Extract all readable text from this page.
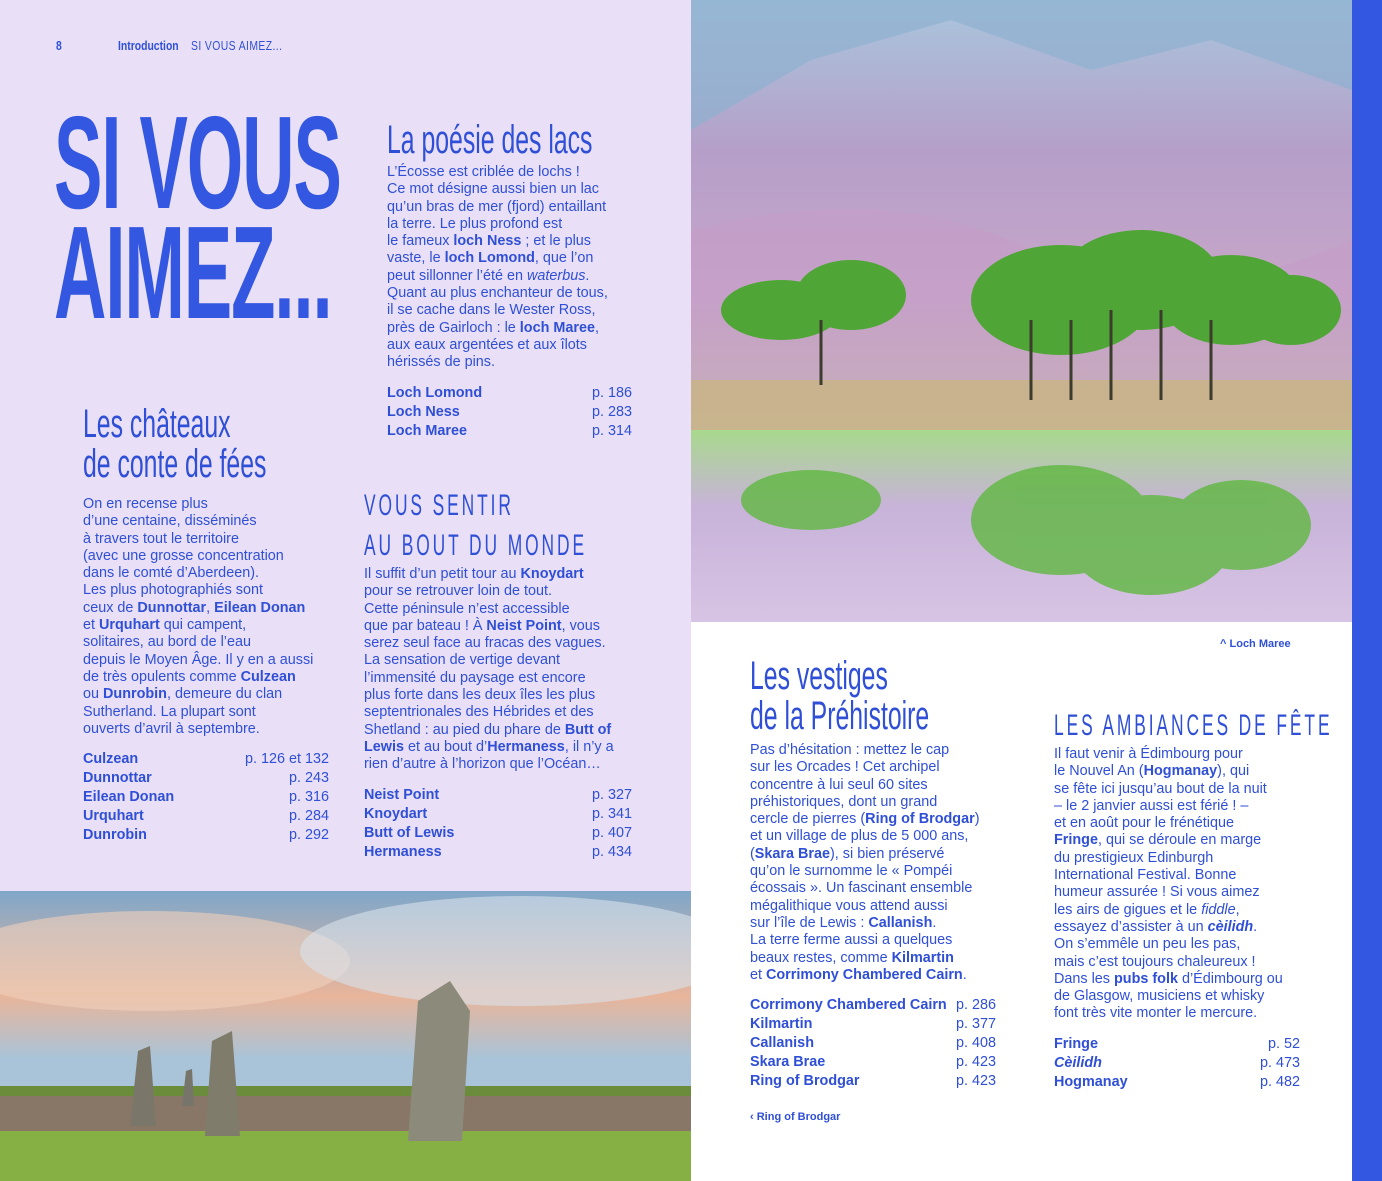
8	Introduction SI VOUS AIMEZ...
SI VOUS
AIMEZ...
Les châteaux
de conte de fées
On en recense plus
d’une centaine, disséminés
à travers tout le territoire
(avec une grosse concentration
dans le comté d’Aberdeen).
Les plus photographiés sont
ceux de Dunnottar, Eilean Donan
et Urquhart qui campent,
solitaires, au bord de l’eau
depuis le Moyen Âge. Il y en a aussi
de très opulents comme Culzean
ou Dunrobin, demeure du clan
Sutherland. La plupart sont
ouverts d’avril à septembre.
Culzean	p. 126 et 132
Dunnottar	p. 243
Eilean Donan	p. 316
Urquhart	p. 284
Dunrobin	p. 292
La poésie des lacs
L’Écosse est criblée de lochs !
Ce mot désigne aussi bien un lac
qu’un bras de mer (fjord) entaillant
la terre. Le plus profond est
le fameux loch Ness ; et le plus
vaste, le loch Lomond, que l’on
peut sillonner l’été en waterbus.
Quant au plus enchanteur de tous,
il se cache dans le Wester Ross,
près de Gairloch : le loch Maree,
aux eaux argentées et aux îlots
hérissés de pins.
Loch Lomond	p. 186
Loch Ness	p. 283
Loch Maree	p. 314
VOUS SENTIR
AU BOUT DU MONDE
Il suffit d’un petit tour au Knoydart
pour se retrouver loin de tout.
Cette péninsule n’est accessible
que par bateau ! À Neist Point, vous
serez seul face au fracas des vagues.
La sensation de vertige devant
l’immensité du paysage est encore
plus forte dans les deux îles les plus
septentrionales des Hébrides et des
Shetland : au pied du phare de Butt of
Lewis et au bout d’Hermaness, il n’y a
rien d’autre à l’horizon que l’Océan…
Neist Point	p. 327
Knoydart	p. 341
Butt of Lewis	p. 407
Hermaness	p. 434
^ Loch Maree
Les vestiges
de la Préhistoire
Pas d’hésitation : mettez le cap
sur les Orcades ! Cet archipel
concentre à lui seul 60 sites
préhistoriques, dont un grand
cercle de pierres (Ring of Brodgar)
et un village de plus de 5 000 ans,
(Skara Brae), si bien préservé
qu’on le surnomme le « Pompéi
écossais ». Un fascinant ensemble
mégalithique vous attend aussi
sur l’île de Lewis : Callanish.
La terre ferme aussi a quelques
beaux restes, comme Kilmartin
et Corrimony Chambered Cairn.
Corrimony Chambered Cairn p. 286
Kilmartin	p. 377
Callanish	p. 408
Skara Brae	p. 423
Ring of Brodgar	p. 423
‹ Ring of Brodgar
LES AMBIANCES DE FÊTE
Il faut venir à Édimbourg pour
le Nouvel An (Hogmanay), qui
se fête ici jusqu’au bout de la nuit
– le 2 janvier aussi est férié ! –
et en août pour le frénétique
Fringe, qui se déroule en marge
du prestigieux Edinburgh
International Festival. Bonne
humeur assurée ! Si vous aimez
les airs de gigues et le fiddle,
essayez d’assister à un cèilidh.
On s’emmêle un peu les pas,
mais c’est toujours chaleureux !
Dans les pubs folk d’Édimbourg ou
de Glasgow, musiciens et whisky
font très vite monter le mercure.
Fringe	p. 52
Cèilidh	p. 473
Hogmanay	p. 482
